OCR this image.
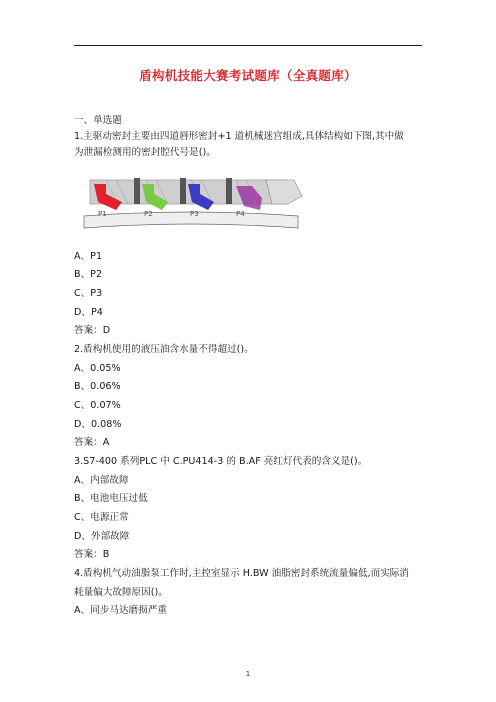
盾构机技能大赛考试题库（全真题库）
一、单选题
1.主驱动密封主要由四道唇形密封+1 道机械迷宫组成,具体结构如下图,其中做
为泄漏检测用的密封腔代号是()。
P1	P2	P3	P4
A、P1
B、P2
C、P3
D、P4
答案：D
2.盾构机使用的液压油含水量不得超过()。
A、0.05%
B、0.06%
C、0.07%
D、0.08%
答案：A
3.S7-400 系列PLC 中 C.PU414-3 的 B.AF 亮红灯代表的含义是()。
A、内部故障
B、电池电压过低
C、电源正常
D、外部故障
答案：B
4.盾构机气动油脂泵工作时,主控室显示 H.BW 油脂密封系统流量偏低,而实际消
耗量偏大故障原因()。
A、同步马达磨损严重
1
